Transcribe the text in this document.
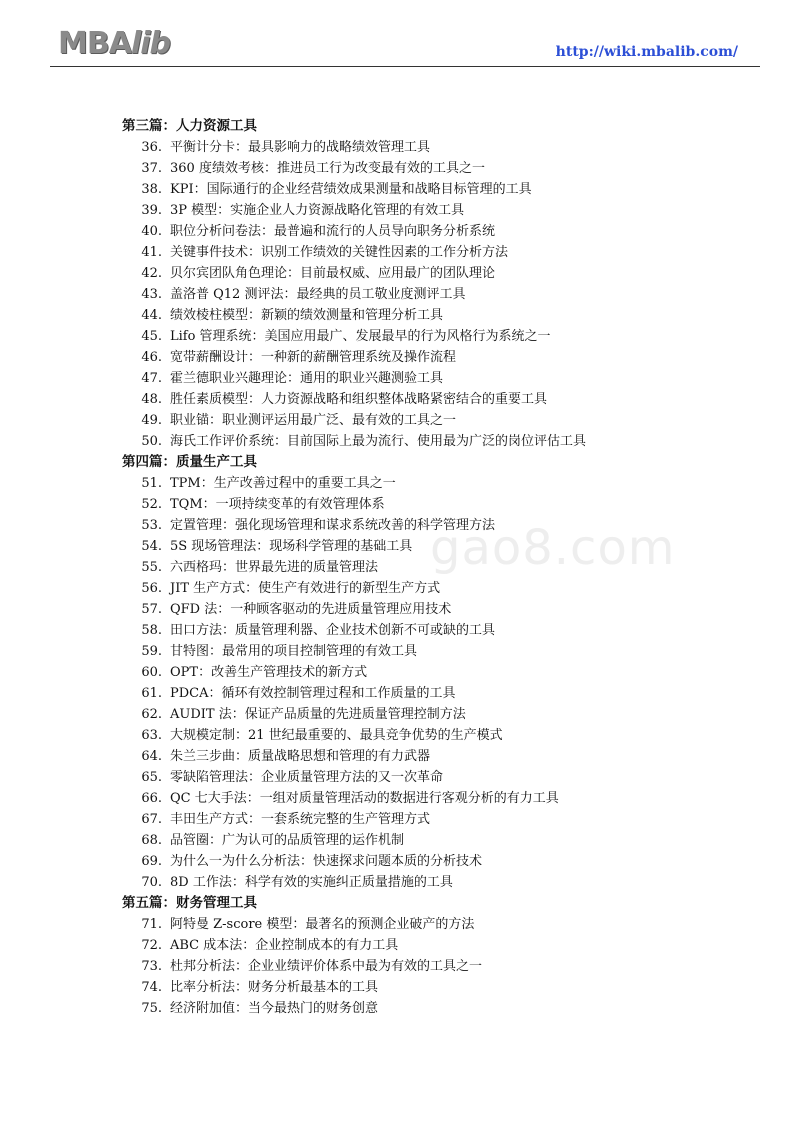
MBAlib	http://wiki.mbalib.com/
gao8.com
第三篇：人力资源工具
36. 平衡计分卡：最具影响力的战略绩效管理工具
37. 360 度绩效考核：推进员工行为改变最有效的工具之一
38. KPI：国际通行的企业经营绩效成果测量和战略目标管理的工具
39. 3P 模型：实施企业人力资源战略化管理的有效工具
40. 职位分析问卷法：最普遍和流行的人员导向职务分析系统
41. 关键事件技术：识别工作绩效的关键性因素的工作分析方法
42. 贝尔宾团队角色理论：目前最权威、应用最广的团队理论
43. 盖洛普 Q12 测评法：最经典的员工敬业度测评工具
44. 绩效棱柱模型：新颖的绩效测量和管理分析工具
45. Lifo 管理系统：美国应用最广、发展最早的行为风格行为系统之一
46. 宽带薪酬设计：一种新的薪酬管理系统及操作流程
47. 霍兰德职业兴趣理论：通用的职业兴趣测验工具
48. 胜任素质模型：人力资源战略和组织整体战略紧密结合的重要工具
49. 职业锚：职业测评运用最广泛、最有效的工具之一
50. 海氏工作评价系统：目前国际上最为流行、使用最为广泛的岗位评估工具
第四篇：质量生产工具
51. TPM：生产改善过程中的重要工具之一
52. TQM：一项持续变革的有效管理体系
53. 定置管理：强化现场管理和谋求系统改善的科学管理方法
54. 5S 现场管理法：现场科学管理的基础工具
55. 六西格玛：世界最先进的质量管理法
56. JIT 生产方式：使生产有效进行的新型生产方式
57. QFD 法：一种顾客驱动的先进质量管理应用技术
58. 田口方法：质量管理利器、企业技术创新不可或缺的工具
59. 甘特图：最常用的项目控制管理的有效工具
60. OPT：改善生产管理技术的新方式
61. PDCA：循环有效控制管理过程和工作质量的工具
62. AUDIT 法：保证产品质量的先进质量管理控制方法
63. 大规模定制：21 世纪最重要的、最具竞争优势的生产模式
64. 朱兰三步曲：质量战略思想和管理的有力武器
65. 零缺陷管理法：企业质量管理方法的又一次革命
66. QC 七大手法：一组对质量管理活动的数据进行客观分析的有力工具
67. 丰田生产方式：一套系统完整的生产管理方式
68. 品管圈：广为认可的品质管理的运作机制
69. 为什么一为什么分析法：快速探求问题本质的分析技术
70. 8D 工作法：科学有效的实施纠正质量措施的工具
第五篇：财务管理工具
71. 阿特曼 Z-score 模型：最著名的预测企业破产的方法
72. ABC 成本法：企业控制成本的有力工具
73. 杜邦分析法：企业业绩评价体系中最为有效的工具之一
74. 比率分析法：财务分析最基本的工具
75. 经济附加值：当今最热门的财务创意
